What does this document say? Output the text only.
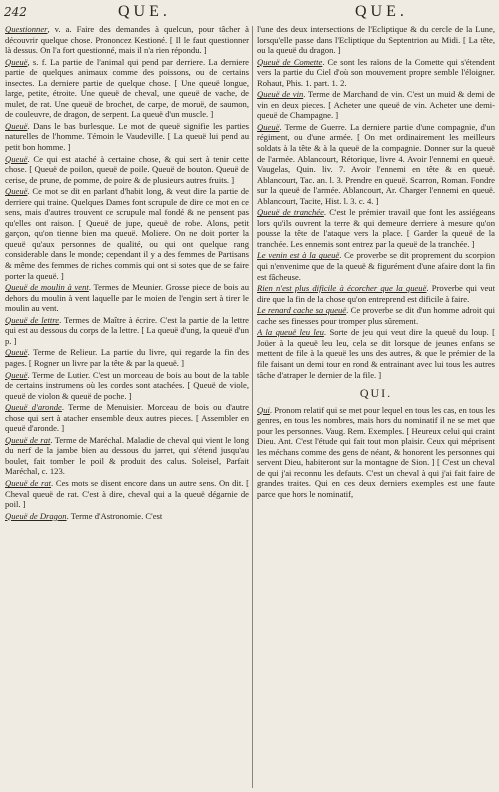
242	QUE.	QUE.

Questionner, v. a. Faire des demandes à quelcun, pour tâcher à découvrir quelque chose. Prononcez Kestioné. [ Il le faut questionner là dessus. On l'a fort questionné, mais il n'a rien répondu. ]

Queuë, s. f. La partie de l'animal qui pend par derriere. La derniere partie de quelques animaux comme des poissons, ou de certains insectes. La derniere partie de quelque chose. [ Une queuë longue, large, petite, étroite. Une queuë de cheval, une queuë de vache, de mulet, de rat. Une queuë de brochet, de carpe, de moruë, de saumon, de couleuvre, de dragon, de serpent. La queuë d'un muscle. ]

Queuë. Dans le bas burlesque. Le mot de queuë signifie les parties naturelles de l'homme. Témoin le Vaudeville. [ La queuë lui pend au petit bon homme. ]

Queuë. Ce qui est ataché à certaine chose, & qui sert à tenir cette chose. [ Queuë de poilon, queuë de poile. Queuë de bouton. Queuë de cerise, de prune, de pomme, de poire & de plusieurs autres fruits. ]

Queuë. Ce mot se dit en parlant d'habit long, & veut dire la partie de derriere qui traine. Quelques Dames font scrupule de dire ce mot en ce sens, mais d'autres trouvent ce scrupule mal fondé & ne pensent pas qu'elles ont raison. [ Queuë de jupe, queuë de robe. Alons, petit garçon, qu'on tienne bien ma queuë. Moliere. On ne doit porter la queuë qu'aux personnes de qualité, ou qui ont quelque rang considerable dans le monde; cependant il y a des femmes de Partisans & même des femmes de riches commis qui ont si sotes que de se faire porter la queuë. ]

Queuë de moulin à vent. Termes de Meunier. Grosse piece de bois au dehors du moulin à vent laquelle par le moien de l'engin sert à tirer le moulin au vent.

Queuë de lettre. Termes de Maître à écrire. C'est la partie de la lettre qui est au dessous du corps de la lettre. [ La queuë d'ung, la queuë d'un p. ]

Queuë. Terme de Relieur. La partie du livre, qui regarde la fin des pages. [ Rogner un livre par la tête & par la queuë. ]

Queuë. Terme de Lutier. C'est un morceau de bois au bout de la table de certains instrumens où les cordes sont atachées. [ Queuë de viole, queuë de violon & queuë de poche. ]

Queuë d'aronde. Terme de Menuisier. Morceau de bois ou d'autre chose qui sert à atacher ensemble deux autres pieces. [ Assembler en queuë d'aronde. ]

Queuë de rat. Terme de Maréchal. Maladie de cheval qui vient le long du nerf de la jambe bien au dessous du jarret, qui s'étend jusqu'au boulet, fait tomber le poil & produit des calus. Soleisel, Parfait Maréchal, c. 123.

Queuë de rat. Ces mots se disent encore dans un autre sens. On dit. [ Cheval queuë de rat. C'est à dire, cheval qui a la queuë dégarnie de poil. ]

Queuë de Dragon. Terme d'Astronomie. C'est

l'une des deux intersections de l'Ecliptique & du cercle de la Lune, lorsqu'elle passe dans l'Ecliptique du Septentrion au Midi. [ La tête, ou la queuë du dragon. ]

Queuë de Comette. Ce sont les raïons de la Comette qui s'étendent vers la partie du Ciel d'où son mouvement propre semble l'éloigner. Rohaut, Phis. 1. part. 1. 2.

Queuë de vin. Terme de Marchand de vin. C'est un muid & demi de vin en deux pieces. [ Acheter une queuë de vin. Acheter une demi-queuë de Champagne. ]

Queuë. Terme de Guerre. La derniere partie d'une compagnie, d'un régiment, ou d'une armée. [ On met ordinairement les meilleurs soldats à la tête & à la queuë de la compagnie. Donner sur la queuë de l'armée. Ablancourt, Rétorique, livre 4. Avoir l'ennemi en queuë. Vaugelas, Quin. liv. 7. Avoir l'ennemi en tête & en queuë. Ablancourt, Tac. an. l. 3. Prendre en queuë. Scarron, Roman. Fondre sur la queuë de l'armée. Ablancourt, Ar. Charger l'ennemi en queuë. Ablancourt, Tacite, Hist. l. 3. c. 4. ]

Queuë de tranchée. C'est le prémier travail que font les assiégeans lors qu'ils ouvrent la terre & qui demeure derriere à mesure qu'on pousse la tête de l'ataque vers la place. [ Garder la queuë de la tranchée. Les ennemis sont entrez par la queuë de la tranchée. ]

Le venin est à la queuë. Ce proverbe se dit proprement du scorpion qui n'envenime que de la queuë & figurément d'une afaire dont la fin est fâcheuse.

Rien n'est plus dificile à écorcher que la queuë. Proverbe qui veut dire que la fin de la chose qu'on entreprend est dificile à faire.

Le renard cache sa queuë. Ce proverbe se dit d'un homme adroit qui cache ses finesses pour tromper plus sûrement.

A la queuë leu leu. Sorte de jeu qui veut dire la queuë du loup. [ Joüer à la queuë leu leu, cela se dit lorsque de jeunes enfans se mettent de file à la queuë les uns des autres, & que le prémier de la file faisant un demi tour en rond & entrainant avec lui tous les autres tâche d'atraper le dernier de la file. ]

QUI.

Qui. Pronom relatif qui se met pour lequel en tous les cas, en tous les genres, en tous les nombres, mais hors du nominatif il ne se met que pour les personnes. Vaug. Rem. Exemples. [ Heureux celui qui craint Dieu. Ant. C'est l'étude qui fait tout mon plaisir. Ceux qui méprisent les méchans comme des gens de néant, & honorent les personnes qui servent Dieu, habiteront sur la montagne de Sion. ] [ C'est un cheval de qui j'ai reconnu les defauts. C'est un cheval à qui j'ai fait faire de grandes traites. Qui en ces deux derniers exemples est une faute parce que hors le nominatif,
